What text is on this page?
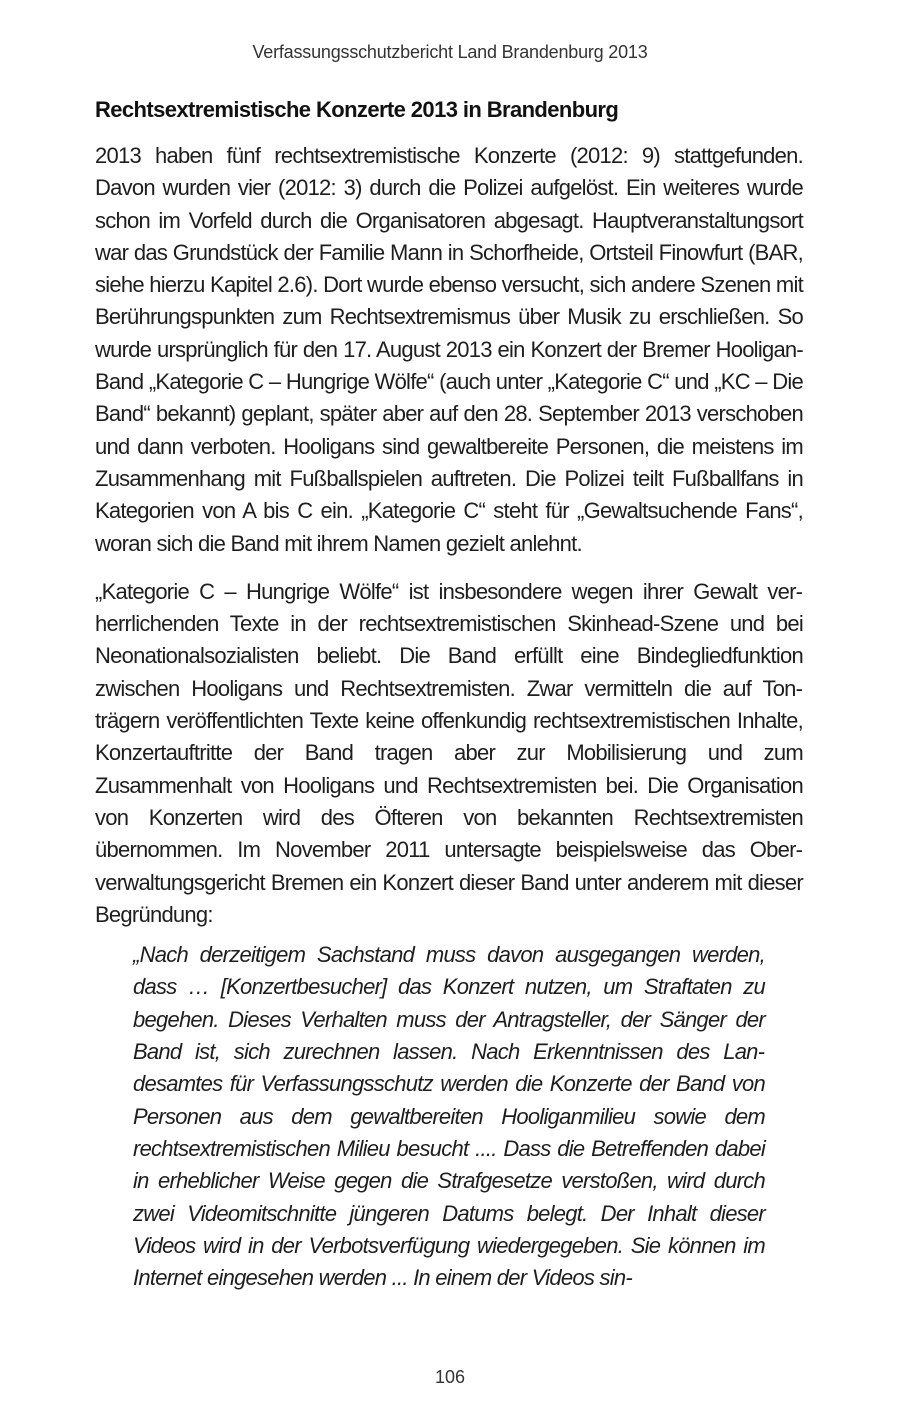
Verfassungsschutzbericht Land Brandenburg 2013
Rechtsextremistische Konzerte 2013 in Brandenburg

2013 haben fünf rechtsextremistische Konzerte (2012: 9) stattgefunden. Davon wurden vier (2012: 3) durch die Polizei aufgelöst. Ein weiteres wurde schon im Vorfeld durch die Organisatoren abgesagt. Hauptveranstaltungsort war das Grundstück der Familie Mann in Schorfheide, Ortsteil Finowfurt (BAR, siehe hierzu Kapitel 2.6). Dort wurde ebenso versucht, sich andere Szenen mit Berührungspunkten zum Rechtsextremismus über Musik zu erschließen. So wurde ursprünglich für den 17. August 2013 ein Konzert der Bremer Hooligan-Band „Kategorie C – Hungrige Wölfe“ (auch unter „Kategorie C“ und „KC – Die Band“ bekannt) geplant, später aber auf den 28. September 2013 verschoben und dann verboten. Hooligans sind gewaltbereite Personen, die meistens im Zusammenhang mit Fußballspielen auftreten. Die Polizei teilt Fußballfans in Kategorien von A bis C ein. „Kategorie C“ steht für „Gewaltsuchende Fans“, woran sich die Band mit ihrem Namen gezielt anlehnt.

„Kategorie C – Hungrige Wölfe“ ist insbesondere wegen ihrer Gewalt verherrlichenden Texte in der rechtsextremistischen Skinhead-Szene und bei Neonationalsozialisten beliebt. Die Band erfüllt eine Bindegliedfunktion zwischen Hooligans und Rechtsextremisten. Zwar vermitteln die auf Tonträgern veröffentlichten Texte keine offenkundig rechtsextremistischen Inhalte, Konzertauftritte der Band tragen aber zur Mobilisierung und zum Zusammenhalt von Hooligans und Rechtsextremisten bei. Die Organisation von Konzerten wird des Öfteren von bekannten Rechtsextremisten übernommen. Im November 2011 untersagte beispielsweise das Oberverwaltungsgericht Bremen ein Konzert dieser Band unter anderem mit dieser Begründung:

„Nach derzeitigem Sachstand muss davon ausgegangen werden, dass … [Konzertbesucher] das Konzert nutzen, um Straftaten zu begehen. Dieses Verhalten muss der Antragsteller, der Sänger der Band ist, sich zurechnen lassen. Nach Erkenntnissen des Landesamtes für Verfassungsschutz werden die Konzerte der Band von Personen aus dem gewaltbereiten Hooliganmilieu sowie dem rechtsextremistischen Milieu besucht .... Dass die Betreffenden dabei in erheblicher Weise gegen die Strafgesetze verstoßen, wird durch zwei Videomitschnitte jüngeren Datums belegt. Der Inhalt dieser Videos wird in der Verbotsverfügung wiedergegeben. Sie können im Internet eingesehen werden ... In einem der Videos sin-

106
